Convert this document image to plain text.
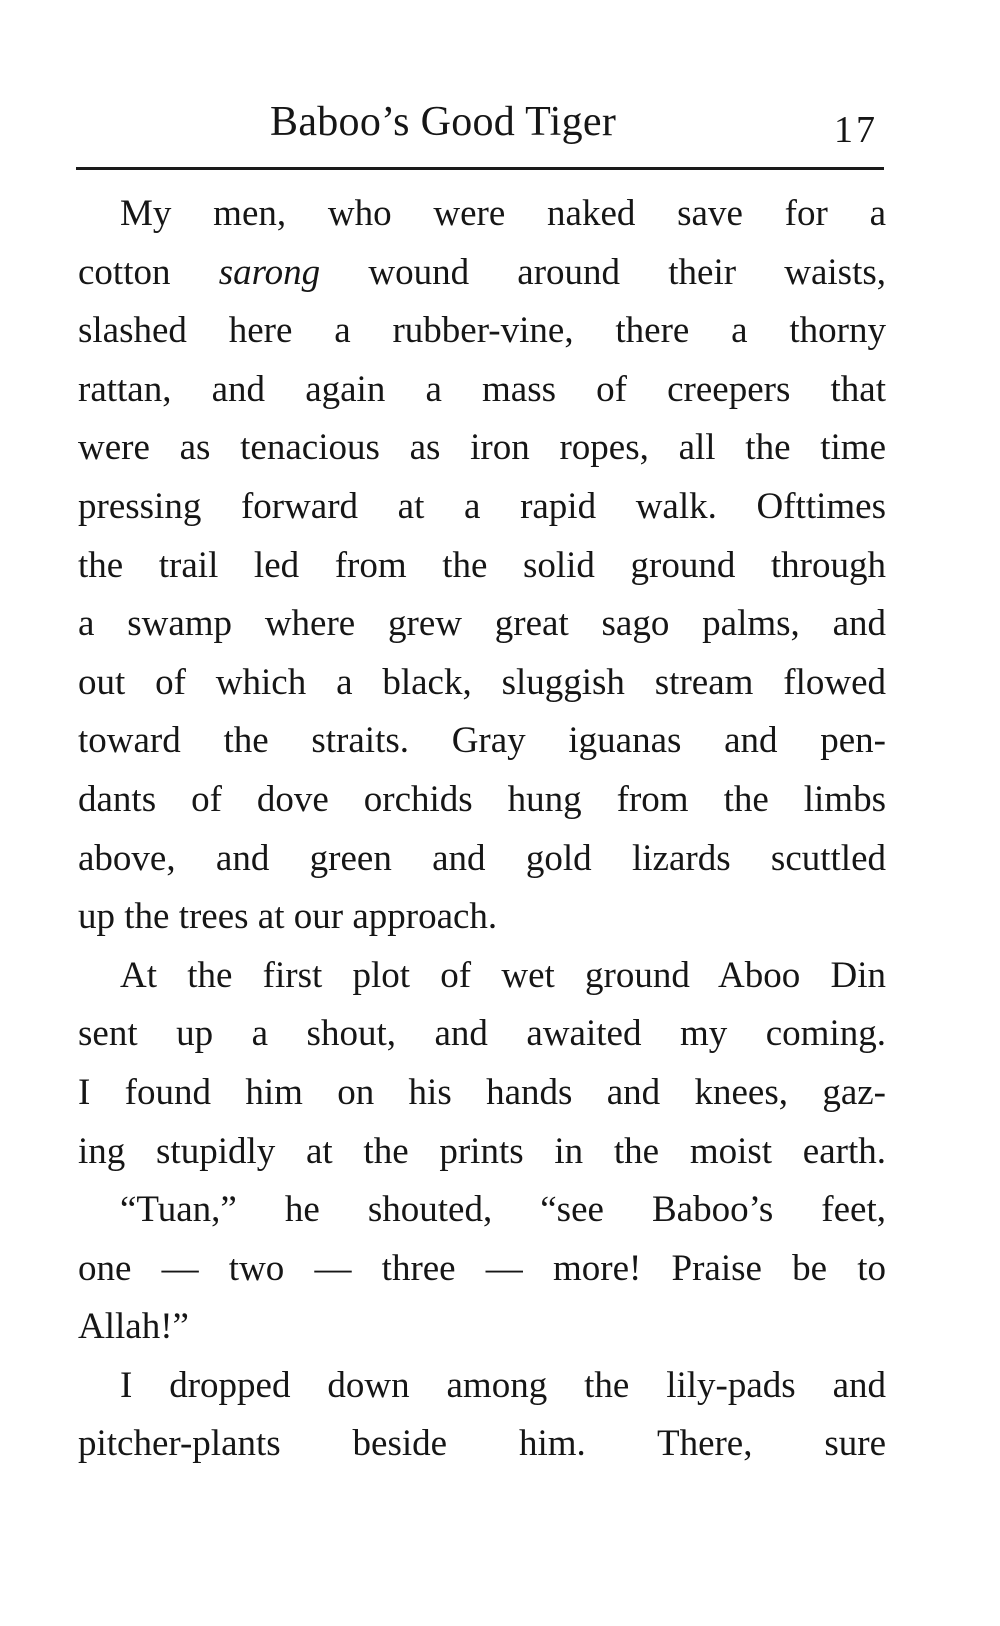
Baboo’s Good Tiger	17
My men, who were naked save for a
cotton sarong wound around their waists,
slashed here a rubber-vine, there a thorny
rattan, and again a mass of creepers that
were as tenacious as iron ropes, all the time
pressing forward at a rapid walk. Ofttimes
the trail led from the solid ground through
a swamp where grew great sago palms, and
out of which a black, sluggish stream flowed
toward the straits. Gray iguanas and pen-
dants of dove orchids hung from the limbs
above, and green and gold lizards scuttled
up the trees at our approach.
At the first plot of wet ground Aboo Din
sent up a shout, and awaited my coming.
I found him on his hands and knees, gaz-
ing stupidly at the prints in the moist earth.
“Tuan,” he shouted, “see Baboo’s feet,
one — two — three — more! Praise be to
Allah!”
I dropped down among the lily-pads and
pitcher-plants beside him. There, sure
